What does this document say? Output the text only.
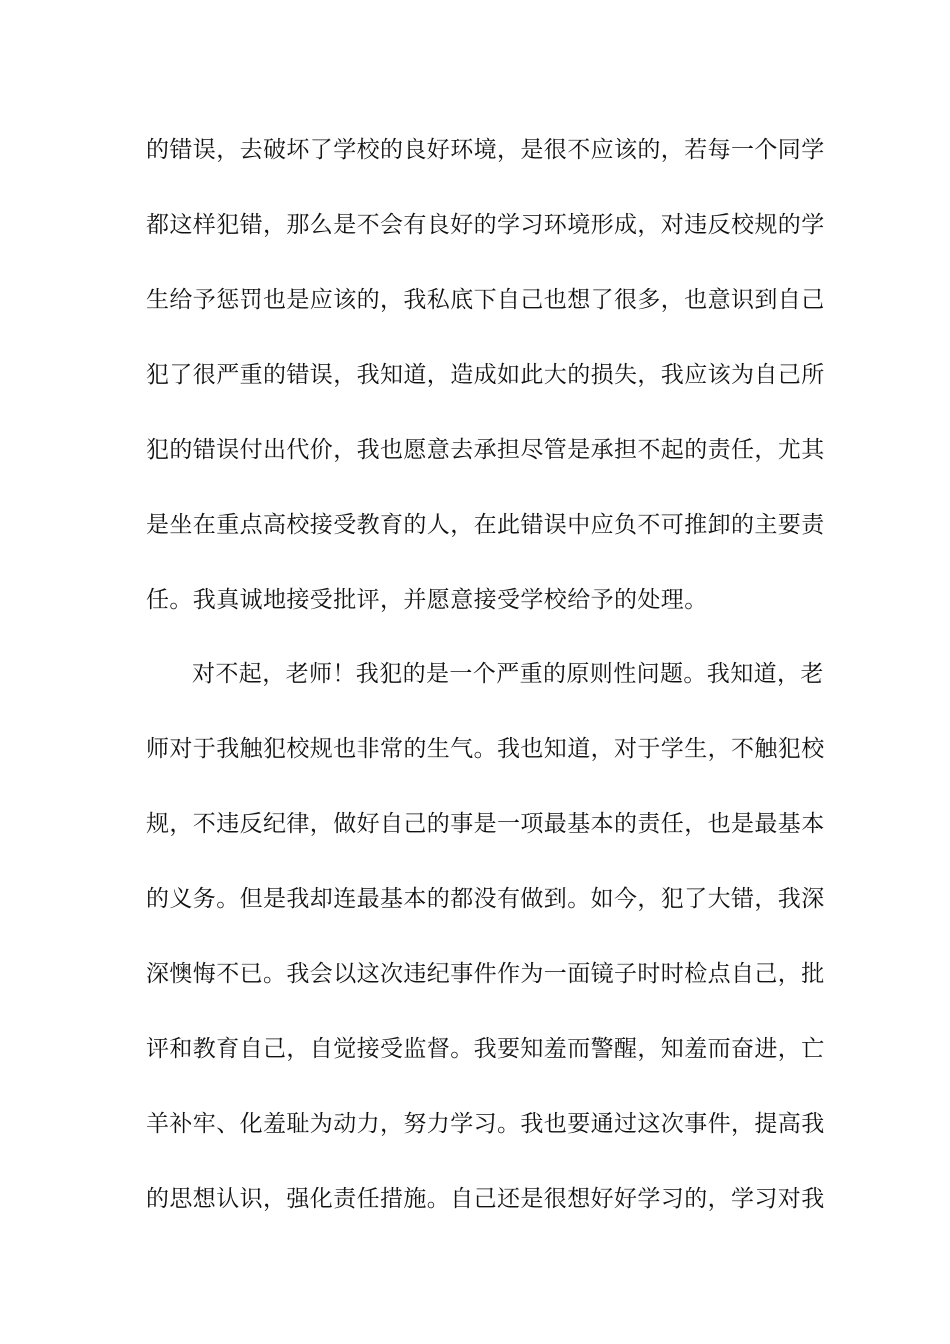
的错误，去破坏了学校的良好环境，是很不应该的，若每一个同学
都这样犯错，那么是不会有良好的学习环境形成，对违反校规的学
生给予惩罚也是应该的，我私底下自己也想了很多，也意识到自己
犯了很严重的错误，我知道，造成如此大的损失，我应该为自己所
犯的错误付出代价，我也愿意去承担尽管是承担不起的责任，尤其
是坐在重点高校接受教育的人，在此错误中应负不可推卸的主要责
任。我真诚地接受批评，并愿意接受学校给予的处理。
对不起，老师！我犯的是一个严重的原则性问题。我知道，老
师对于我触犯校规也非常的生气。我也知道，对于学生，不触犯校
规，不违反纪律，做好自己的事是一项最基本的责任，也是最基本
的义务。但是我却连最基本的都没有做到。如今，犯了大错，我深
深懊悔不已。我会以这次违纪事件作为一面镜子时时检点自己，批
评和教育自己，自觉接受监督。我要知羞而警醒，知羞而奋进，亡
羊补牢、化羞耻为动力，努力学习。我也要通过这次事件，提高我
的思想认识，强化责任措施。自己还是很想好好学习的，学习对我
